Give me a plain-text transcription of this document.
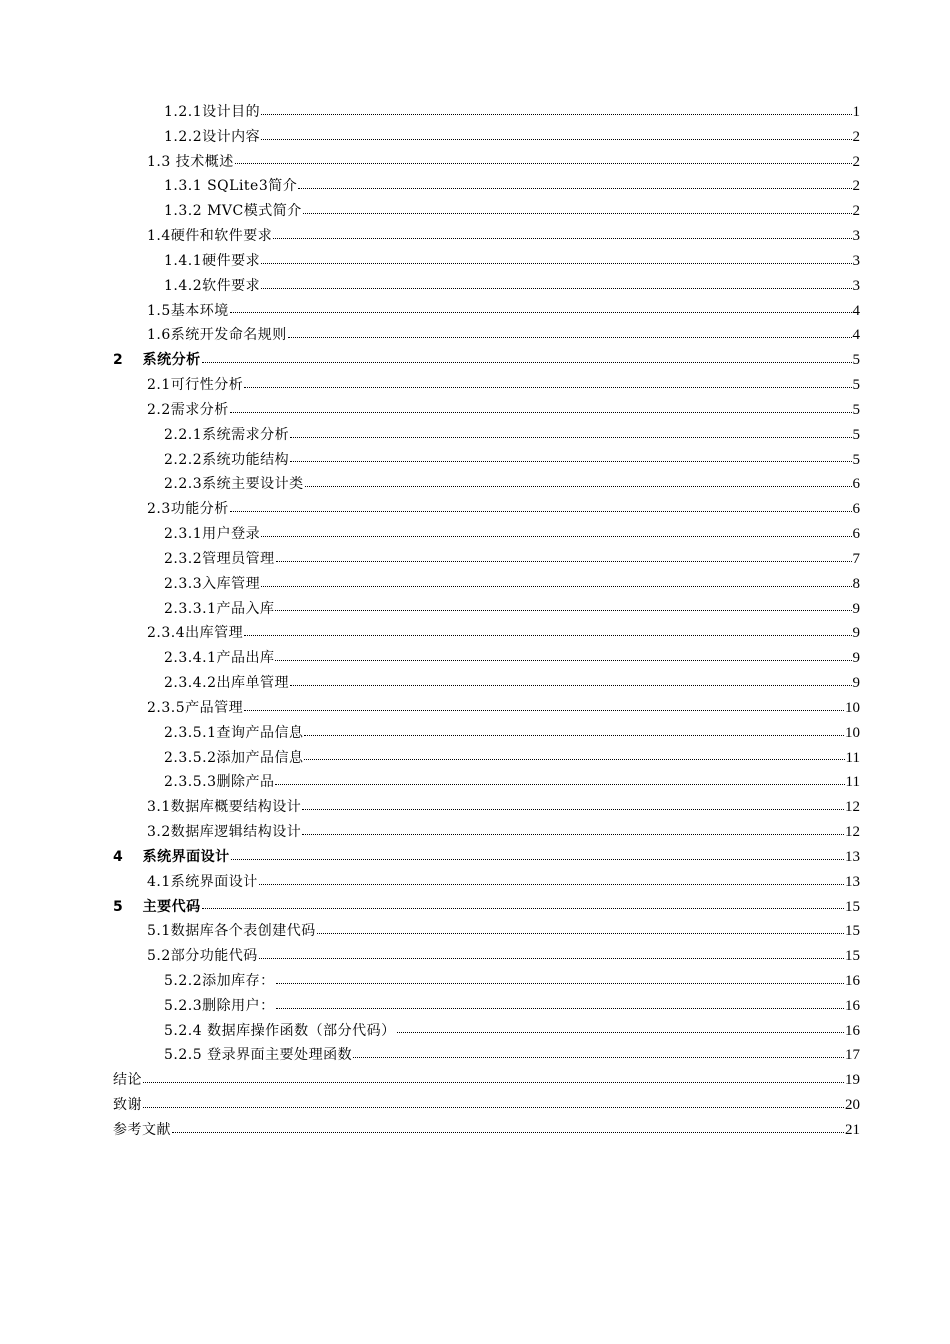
1.2.1设计目的	1
1.2.2设计内容	2
1.3 技术概述	2
1.3.1 SQLite3简介	2
1.3.2 MVC模式简介	2
1.4硬件和软件要求	3
1.4.1硬件要求	3
1.4.2软件要求	3
1.5基本环境	4
1.6系统开发命名规则	4
2 系统分析	5
2.1可行性分析	5
2.2需求分析	5
2.2.1系统需求分析	5
2.2.2系统功能结构	5
2.2.3系统主要设计类	6
2.3功能分析	6
2.3.1用户登录	6
2.3.2管理员管理	7
2.3.3入库管理	8
2.3.3.1产品入库	9
2.3.4出库管理	9
2.3.4.1产品出库	9
2.3.4.2出库单管理	9
2.3.5产品管理	10
2.3.5.1查询产品信息	10
2.3.5.2添加产品信息	11
2.3.5.3删除产品	11
3.1数据库概要结构设计	12
3.2数据库逻辑结构设计	12
4 系统界面设计	13
4.1系统界面设计	13
5 主要代码	15
5.1数据库各个表创建代码	15
5.2部分功能代码	15
5.2.2添加库存：	16
5.2.3删除用户：	16
5.2.4 数据库操作函数（部分代码）	16
5.2.5 登录界面主要处理函数	17
结论	19
致谢	20
参考文献	21
